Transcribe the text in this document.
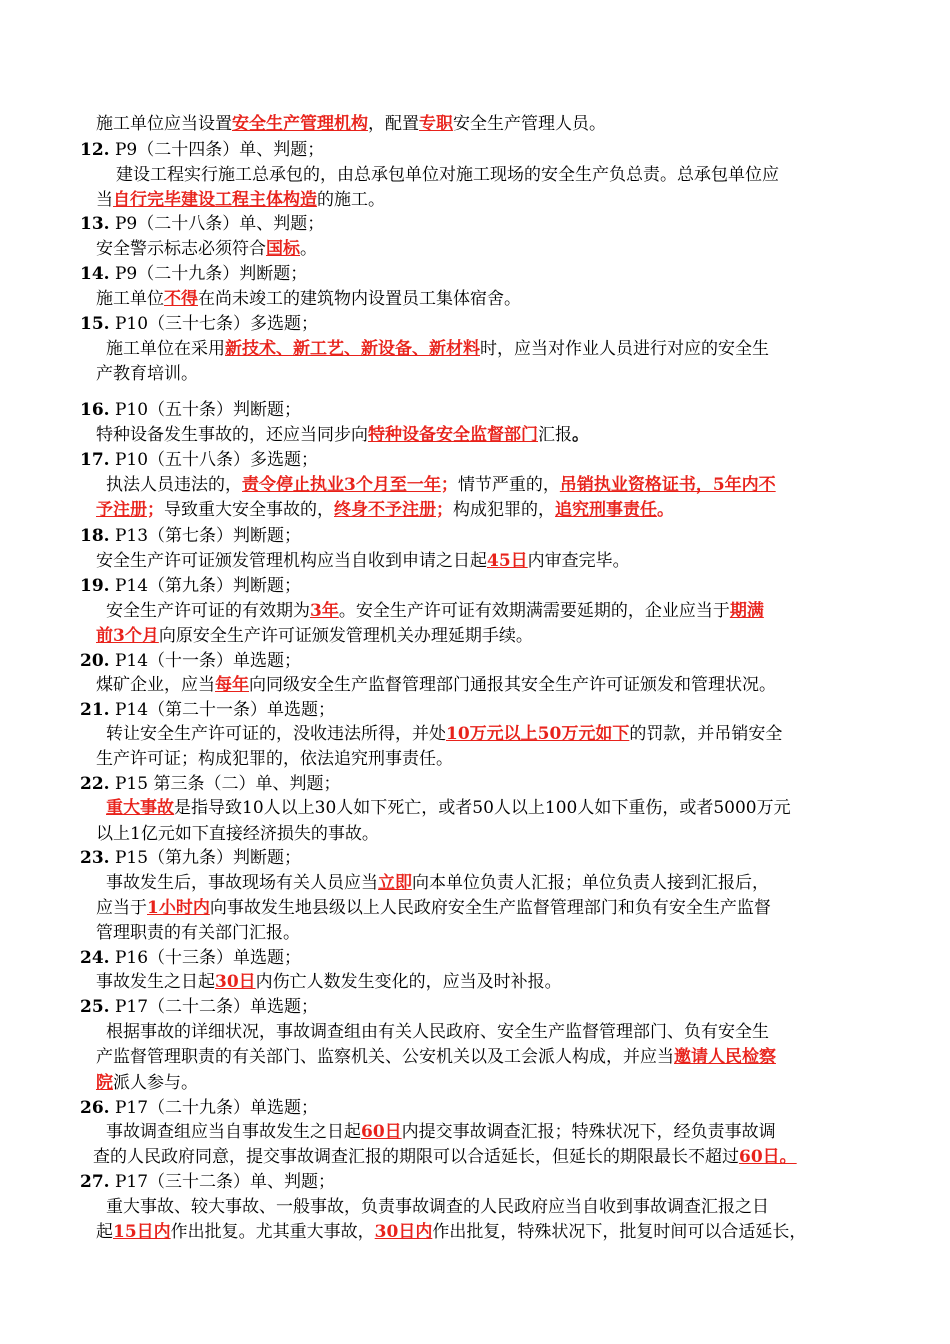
施工单位应当设置安全生产管理机构，配置专职安全生产管理人员。
12. P9（二十四条）单、判题；
建设工程实行施工总承包的，由总承包单位对施工现场的安全生产负总责。总承包单位应
当自行完毕建设工程主体构造的施工。
13. P9（二十八条）单、判题；
安全警示标志必须符合国标。
14. P9（二十九条）判断题；
施工单位不得在尚未竣工的建筑物内设置员工集体宿舍。
15. P10（三十七条）多选题；
施工单位在采用新技术、新工艺、新设备、新材料时，应当对作业人员进行对应的安全生
产教育培训。
16. P10（五十条）判断题；
特种设备发生事故的，还应当同步向特种设备安全监督部门汇报。
17. P10（五十八条）多选题；
执法人员违法的，责令停止执业3个月至一年；情节严重的，吊销执业资格证书，5年内不
予注册；导致重大安全事故的，终身不予注册；构成犯罪的，追究刑事责任。
18. P13（第七条）判断题；
安全生产许可证颁发管理机构应当自收到申请之日起45日内审查完毕。
19. P14（第九条）判断题；
安全生产许可证的有效期为3年。安全生产许可证有效期满需要延期的，企业应当于期满
前3个月向原安全生产许可证颁发管理机关办理延期手续。
20. P14（十一条）单选题；
煤矿企业，应当每年向同级安全生产监督管理部门通报其安全生产许可证颁发和管理状况。
21. P14（第二十一条）单选题；
转让安全生产许可证的，没收违法所得，并处10万元以上50万元如下的罚款，并吊销安全
生产许可证；构成犯罪的，依法追究刑事责任。
22. P15 第三条（二）单、判题；
重大事故是指导致10人以上30人如下死亡，或者50人以上100人如下重伤，或者5000万元
以上1亿元如下直接经济损失的事故。
23. P15（第九条）判断题；
事故发生后，事故现场有关人员应当立即向本单位负责人汇报；单位负责人接到汇报后，
应当于1小时内向事故发生地县级以上人民政府安全生产监督管理部门和负有安全生产监督
管理职责的有关部门汇报。
24. P16（十三条）单选题；
事故发生之日起30日内伤亡人数发生变化的，应当及时补报。
25. P17（二十二条）单选题；
根据事故的详细状况，事故调查组由有关人民政府、安全生产监督管理部门、负有安全生
产监督管理职责的有关部门、监察机关、公安机关以及工会派人构成，并应当邀请人民检察
院派人参与。
26. P17（二十九条）单选题；
事故调查组应当自事故发生之日起60日内提交事故调查汇报；特殊状况下，经负责事故调
查的人民政府同意，提交事故调查汇报的期限可以合适延长，但延长的期限最长不超过60日。
27. P17（三十二条）单、判题；
重大事故、较大事故、一般事故，负责事故调查的人民政府应当自收到事故调查汇报之日
起15日内作出批复。尤其重大事故，30日内作出批复，特殊状况下，批复时间可以合适延长，
